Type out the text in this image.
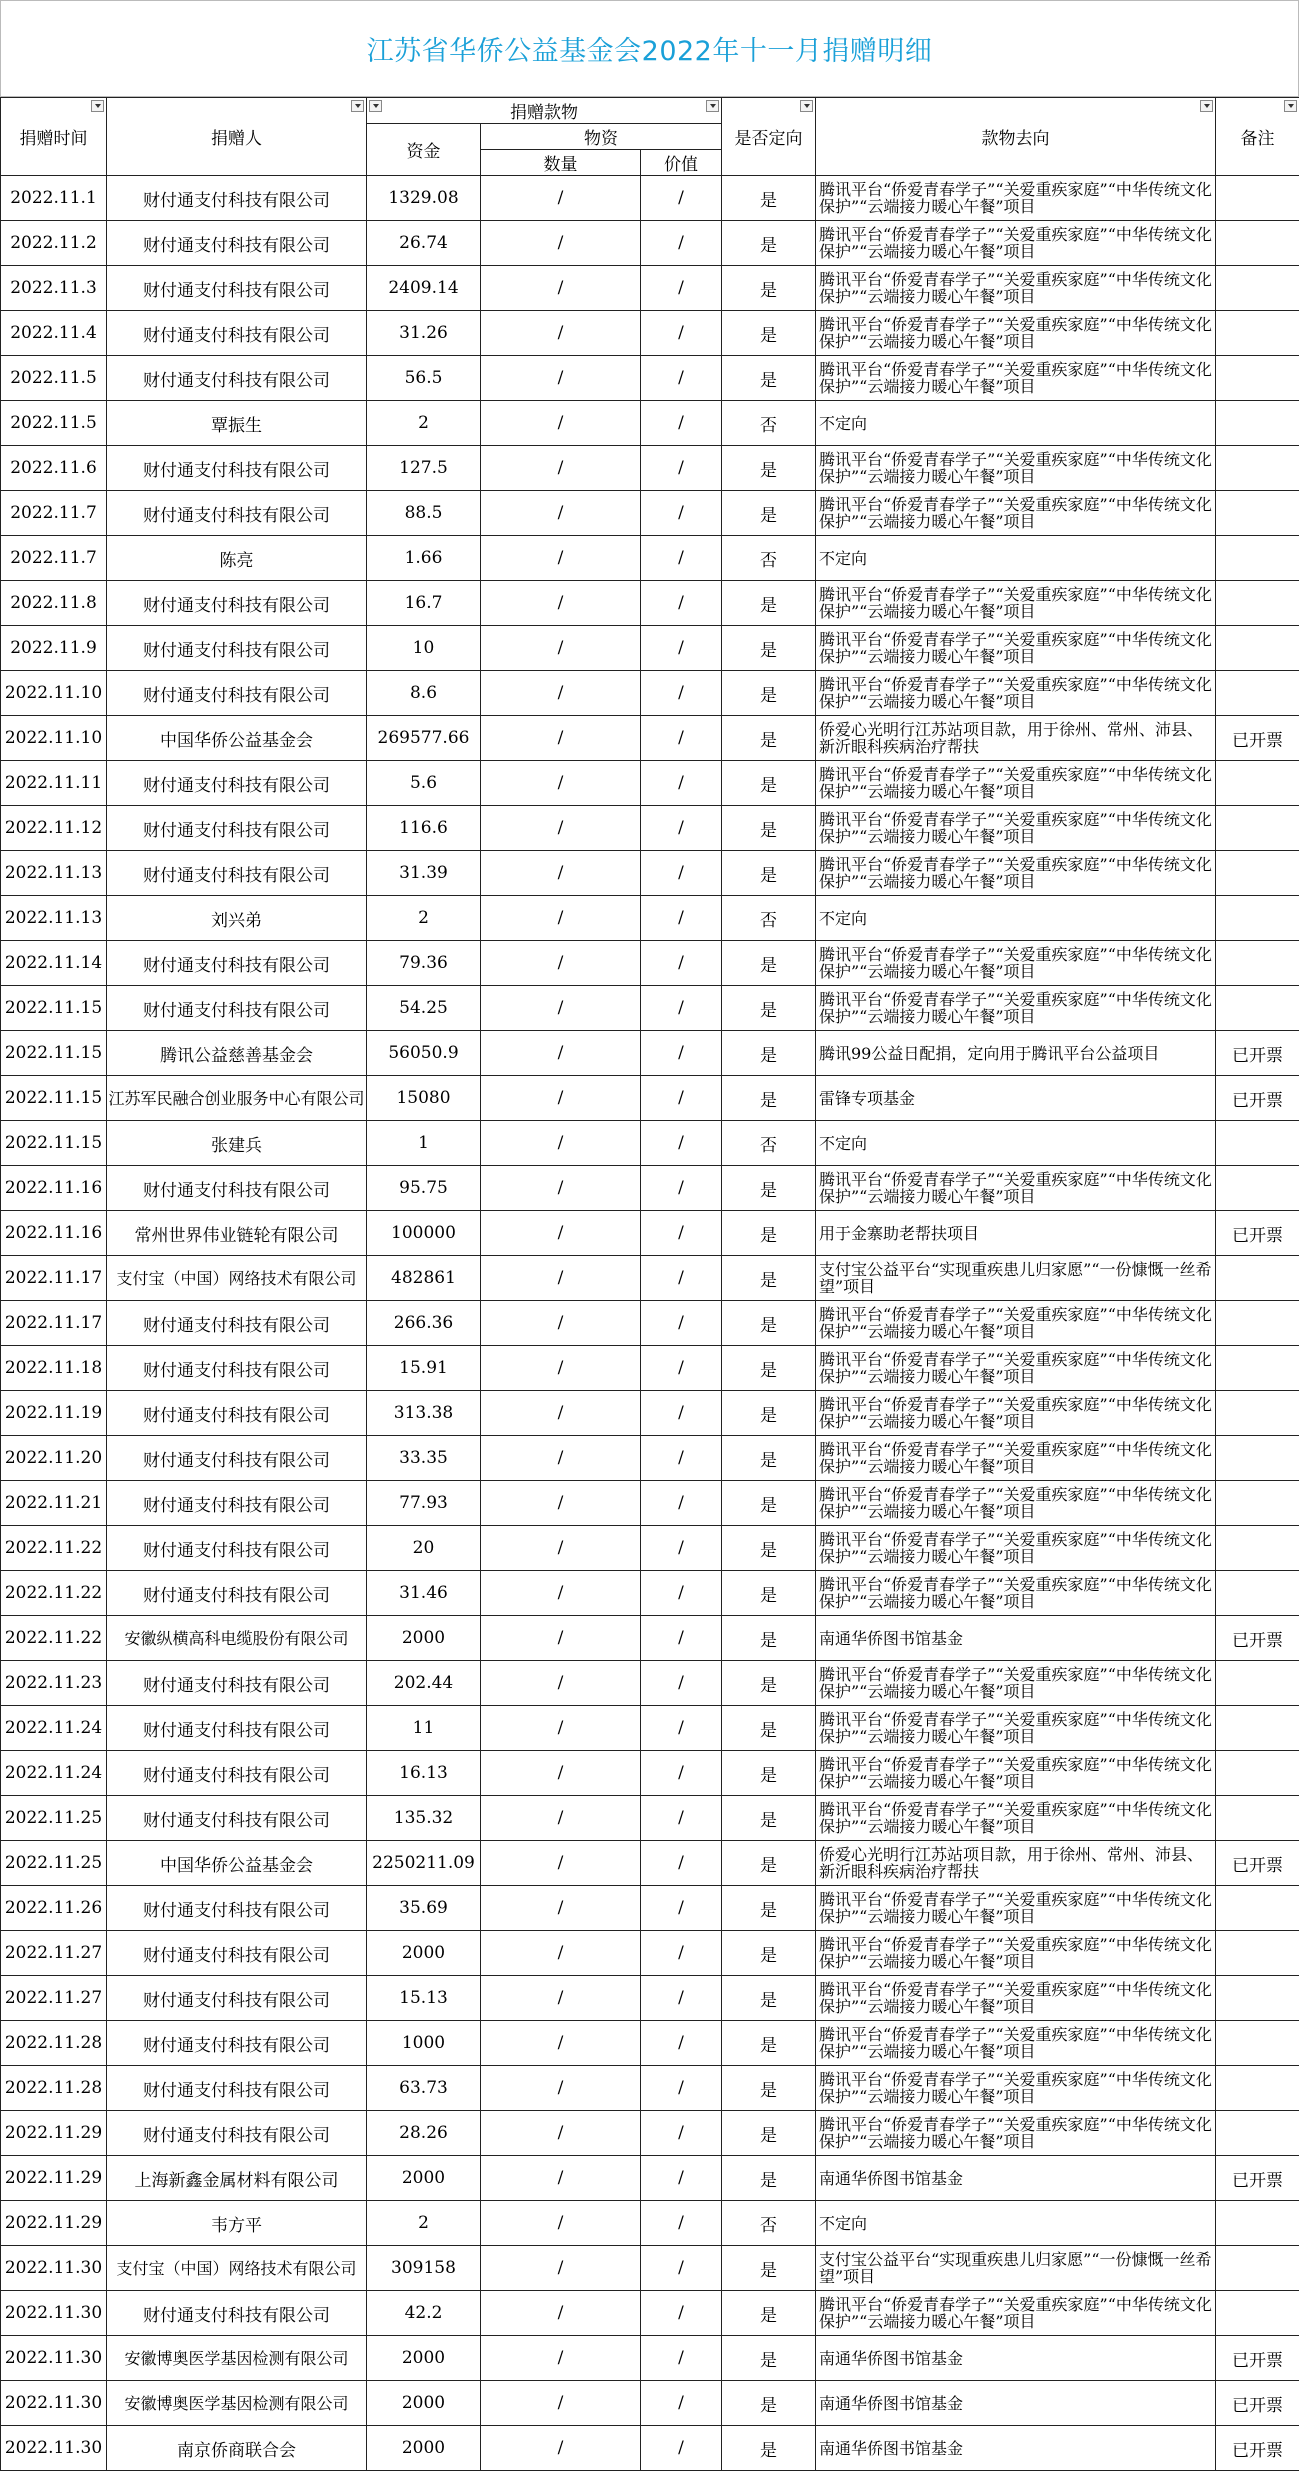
江苏省华侨公益基金会2022年十一月捐赠明细
捐赠时间	捐赠人	捐赠款物			是否定向	款物去向	备注

		资金	物资				
			数量	价值			
2022.11.1	财付通支付科技有限公司	1329.08	/	/	是	腾讯平台“侨爱青春学子”“关爱重疾家庭”“中华传统文化保护”“云端接力暖心午餐”项目	
2022.11.2	财付通支付科技有限公司	26.74	/	/	是	腾讯平台“侨爱青春学子”“关爱重疾家庭”“中华传统文化保护”“云端接力暖心午餐”项目	
2022.11.3	财付通支付科技有限公司	2409.14	/	/	是	腾讯平台“侨爱青春学子”“关爱重疾家庭”“中华传统文化保护”“云端接力暖心午餐”项目	
2022.11.4	财付通支付科技有限公司	31.26	/	/	是	腾讯平台“侨爱青春学子”“关爱重疾家庭”“中华传统文化保护”“云端接力暖心午餐”项目	
2022.11.5	财付通支付科技有限公司	56.5	/	/	是	腾讯平台“侨爱青春学子”“关爱重疾家庭”“中华传统文化保护”“云端接力暖心午餐”项目	
2022.11.5	覃振生	2	/	/	否	不定向	
2022.11.6	财付通支付科技有限公司	127.5	/	/	是	腾讯平台“侨爱青春学子”“关爱重疾家庭”“中华传统文化保护”“云端接力暖心午餐”项目	
2022.11.7	财付通支付科技有限公司	88.5	/	/	是	腾讯平台“侨爱青春学子”“关爱重疾家庭”“中华传统文化保护”“云端接力暖心午餐”项目	
2022.11.7	陈亮	1.66	/	/	否	不定向	
2022.11.8	财付通支付科技有限公司	16.7	/	/	是	腾讯平台“侨爱青春学子”“关爱重疾家庭”“中华传统文化保护”“云端接力暖心午餐”项目	
2022.11.9	财付通支付科技有限公司	10	/	/	是	腾讯平台“侨爱青春学子”“关爱重疾家庭”“中华传统文化保护”“云端接力暖心午餐”项目	
2022.11.10	财付通支付科技有限公司	8.6	/	/	是	腾讯平台“侨爱青春学子”“关爱重疾家庭”“中华传统文化保护”“云端接力暖心午餐”项目	
2022.11.10	中国华侨公益基金会	269577.66	/	/	是	侨爱心光明行江苏站项目款，用于徐州、常州、沛县、新沂眼科疾病治疗帮扶	已开票
2022.11.11	财付通支付科技有限公司	5.6	/	/	是	腾讯平台“侨爱青春学子”“关爱重疾家庭”“中华传统文化保护”“云端接力暖心午餐”项目	
2022.11.12	财付通支付科技有限公司	116.6	/	/	是	腾讯平台“侨爱青春学子”“关爱重疾家庭”“中华传统文化保护”“云端接力暖心午餐”项目	
2022.11.13	财付通支付科技有限公司	31.39	/	/	是	腾讯平台“侨爱青春学子”“关爱重疾家庭”“中华传统文化保护”“云端接力暖心午餐”项目	
2022.11.13	刘兴弟	2	/	/	否	不定向	
2022.11.14	财付通支付科技有限公司	79.36	/	/	是	腾讯平台“侨爱青春学子”“关爱重疾家庭”“中华传统文化保护”“云端接力暖心午餐”项目	
2022.11.15	财付通支付科技有限公司	54.25	/	/	是	腾讯平台“侨爱青春学子”“关爱重疾家庭”“中华传统文化保护”“云端接力暖心午餐”项目	
2022.11.15	腾讯公益慈善基金会	56050.9	/	/	是	腾讯99公益日配捐，定向用于腾讯平台公益项目	已开票
2022.11.15	江苏军民融合创业服务中心有限公司	15080	/	/	是	雷锋专项基金	已开票
2022.11.15	张建兵	1	/	/	否	不定向	
2022.11.16	财付通支付科技有限公司	95.75	/	/	是	腾讯平台“侨爱青春学子”“关爱重疾家庭”“中华传统文化保护”“云端接力暖心午餐”项目	
2022.11.16	常州世界伟业链轮有限公司	100000	/	/	是	用于金寨助老帮扶项目	已开票
2022.11.17	支付宝（中国）网络技术有限公司	482861	/	/	是	支付宝公益平台“实现重疾患儿归家愿”“一份慷慨一丝希望”项目	
2022.11.17	财付通支付科技有限公司	266.36	/	/	是	腾讯平台“侨爱青春学子”“关爱重疾家庭”“中华传统文化保护”“云端接力暖心午餐”项目	
2022.11.18	财付通支付科技有限公司	15.91	/	/	是	腾讯平台“侨爱青春学子”“关爱重疾家庭”“中华传统文化保护”“云端接力暖心午餐”项目	
2022.11.19	财付通支付科技有限公司	313.38	/	/	是	腾讯平台“侨爱青春学子”“关爱重疾家庭”“中华传统文化保护”“云端接力暖心午餐”项目	
2022.11.20	财付通支付科技有限公司	33.35	/	/	是	腾讯平台“侨爱青春学子”“关爱重疾家庭”“中华传统文化保护”“云端接力暖心午餐”项目	
2022.11.21	财付通支付科技有限公司	77.93	/	/	是	腾讯平台“侨爱青春学子”“关爱重疾家庭”“中华传统文化保护”“云端接力暖心午餐”项目	
2022.11.22	财付通支付科技有限公司	20	/	/	是	腾讯平台“侨爱青春学子”“关爱重疾家庭”“中华传统文化保护”“云端接力暖心午餐”项目	
2022.11.22	财付通支付科技有限公司	31.46	/	/	是	腾讯平台“侨爱青春学子”“关爱重疾家庭”“中华传统文化保护”“云端接力暖心午餐”项目	
2022.11.22	安徽纵横高科电缆股份有限公司	2000	/	/	是	南通华侨图书馆基金	已开票
2022.11.23	财付通支付科技有限公司	202.44	/	/	是	腾讯平台“侨爱青春学子”“关爱重疾家庭”“中华传统文化保护”“云端接力暖心午餐”项目	
2022.11.24	财付通支付科技有限公司	11	/	/	是	腾讯平台“侨爱青春学子”“关爱重疾家庭”“中华传统文化保护”“云端接力暖心午餐”项目	
2022.11.24	财付通支付科技有限公司	16.13	/	/	是	腾讯平台“侨爱青春学子”“关爱重疾家庭”“中华传统文化保护”“云端接力暖心午餐”项目	
2022.11.25	财付通支付科技有限公司	135.32	/	/	是	腾讯平台“侨爱青春学子”“关爱重疾家庭”“中华传统文化保护”“云端接力暖心午餐”项目	
2022.11.25	中国华侨公益基金会	2250211.09	/	/	是	侨爱心光明行江苏站项目款，用于徐州、常州、沛县、新沂眼科疾病治疗帮扶	已开票
2022.11.26	财付通支付科技有限公司	35.69	/	/	是	腾讯平台“侨爱青春学子”“关爱重疾家庭”“中华传统文化保护”“云端接力暖心午餐”项目	
2022.11.27	财付通支付科技有限公司	2000	/	/	是	腾讯平台“侨爱青春学子”“关爱重疾家庭”“中华传统文化保护”“云端接力暖心午餐”项目	
2022.11.27	财付通支付科技有限公司	15.13	/	/	是	腾讯平台“侨爱青春学子”“关爱重疾家庭”“中华传统文化保护”“云端接力暖心午餐”项目	
2022.11.28	财付通支付科技有限公司	1000	/	/	是	腾讯平台“侨爱青春学子”“关爱重疾家庭”“中华传统文化保护”“云端接力暖心午餐”项目	
2022.11.28	财付通支付科技有限公司	63.73	/	/	是	腾讯平台“侨爱青春学子”“关爱重疾家庭”“中华传统文化保护”“云端接力暖心午餐”项目	
2022.11.29	财付通支付科技有限公司	28.26	/	/	是	腾讯平台“侨爱青春学子”“关爱重疾家庭”“中华传统文化保护”“云端接力暖心午餐”项目	
2022.11.29	上海新鑫金属材料有限公司	2000	/	/	是	南通华侨图书馆基金	已开票
2022.11.29	韦方平	2	/	/	否	不定向	
2022.11.30	支付宝（中国）网络技术有限公司	309158	/	/	是	支付宝公益平台“实现重疾患儿归家愿”“一份慷慨一丝希望”项目	
2022.11.30	财付通支付科技有限公司	42.2	/	/	是	腾讯平台“侨爱青春学子”“关爱重疾家庭”“中华传统文化保护”“云端接力暖心午餐”项目	
2022.11.30	安徽博奥医学基因检测有限公司	2000	/	/	是	南通华侨图书馆基金	已开票
2022.11.30	安徽博奥医学基因检测有限公司	2000	/	/	是	南通华侨图书馆基金	已开票
2022.11.30	南京侨商联合会	2000	/	/	是	南通华侨图书馆基金	已开票
